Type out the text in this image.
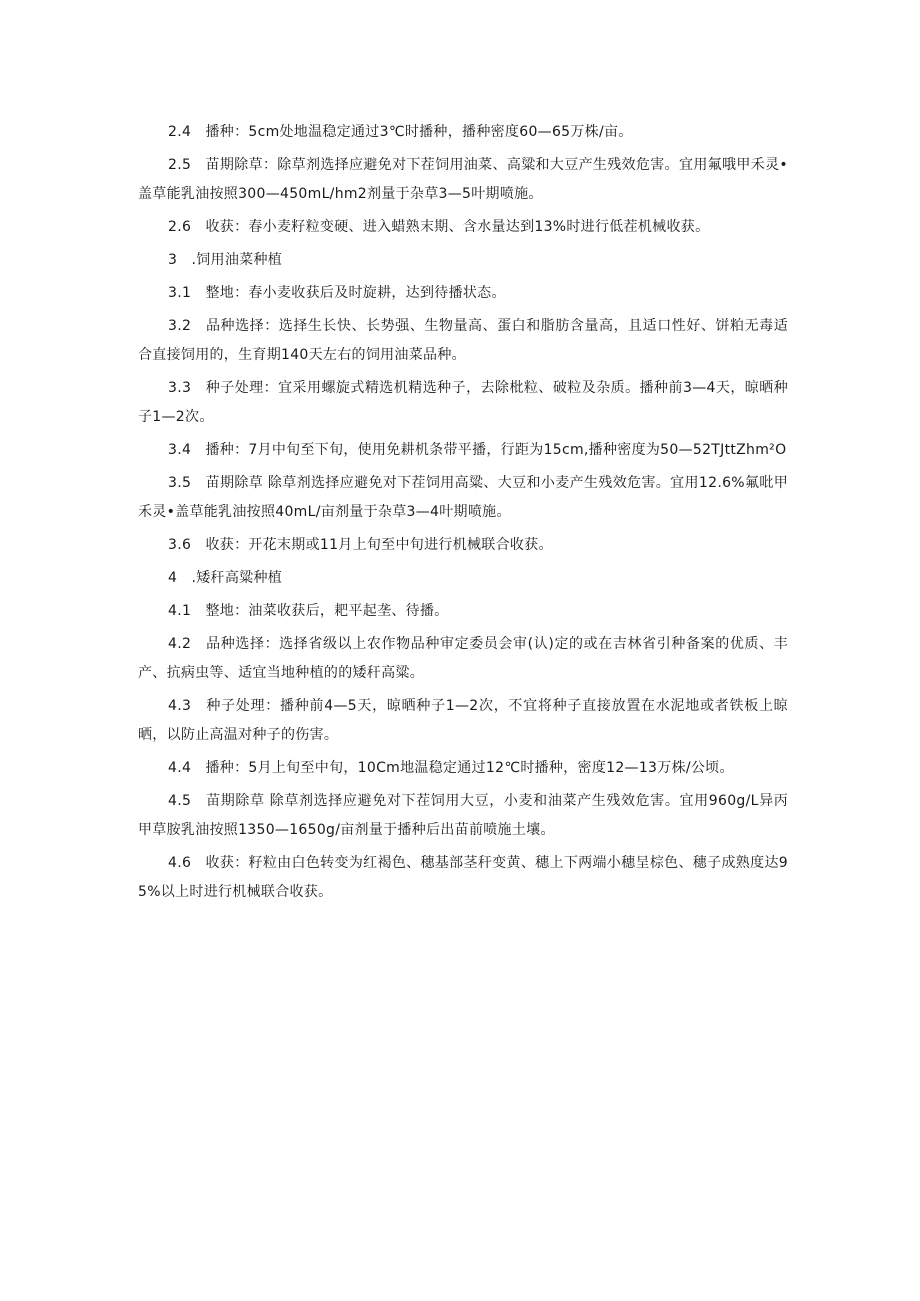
2.4　播种：5cm处地温稳定通过3℃时播种，播种密度60—65万株/亩。

2.5　苗期除草：除草剂选择应避免对下茬饲用油菜、高粱和大豆产生残效危害。宜用氟哦甲禾灵•盖草能乳油按照300—450mL/hm2剂量于杂草3—5叶期喷施。

2.6　收获：春小麦籽粒变硬、进入蜡熟末期、含水量达到13%时进行低茬机械收获。

3　.饲用油菜种植

3.1　整地：春小麦收获后及时旋耕，达到待播状态。

3.2　品种选择：选择生长快、长势强、生物量高、蛋白和脂肪含量高，且适口性好、饼粕无毒适合直接饲用的，生育期140天左右的饲用油菜品种。

3.3　种子处理：宜采用螺旋式精选机精选种子，去除枇粒、破粒及杂质。播种前3—4天，晾晒种子1—2次。

3.4　播种：7月中旬至下旬，使用免耕机条带平播，行距为15cm,播种密度为50—52TJttZhm²O

3.5　苗期除草 除草剂选择应避免对下茬饲用高粱、大豆和小麦产生残效危害。宜用12.6%氟吡甲禾灵•盖草能乳油按照40mL/亩剂量于杂草3—4叶期喷施。

3.6　收获：开花末期或11月上旬至中旬进行机械联合收获。

4　.矮秆高粱种植

4.1　整地：油菜收获后，耙平起垄、待播。

4.2　品种选择：选择省级以上农作物品种审定委员会审(认)定的或在吉林省引种备案的优质、丰产、抗病虫等、适宜当地种植的的矮秆高粱。

4.3　种子处理：播种前4—5天，晾晒种子1—2次，不宜将种子直接放置在水泥地或者铁板上晾晒，以防止高温对种子的伤害。

4.4　播种：5月上旬至中旬，10Cm地温稳定通过12℃时播种，密度12—13万株/公顷。

4.5　苗期除草 除草剂选择应避免对下茬饲用大豆，小麦和油菜产生残效危害。宜用960g/L异丙甲草胺乳油按照1350—1650g/亩剂量于播种后出苗前喷施土壤。

4.6　收获：籽粒由白色转变为红褐色、穗基部茎秆变黄、穗上下两端小穗呈棕色、穗子成熟度达95%以上时进行机械联合收获。
